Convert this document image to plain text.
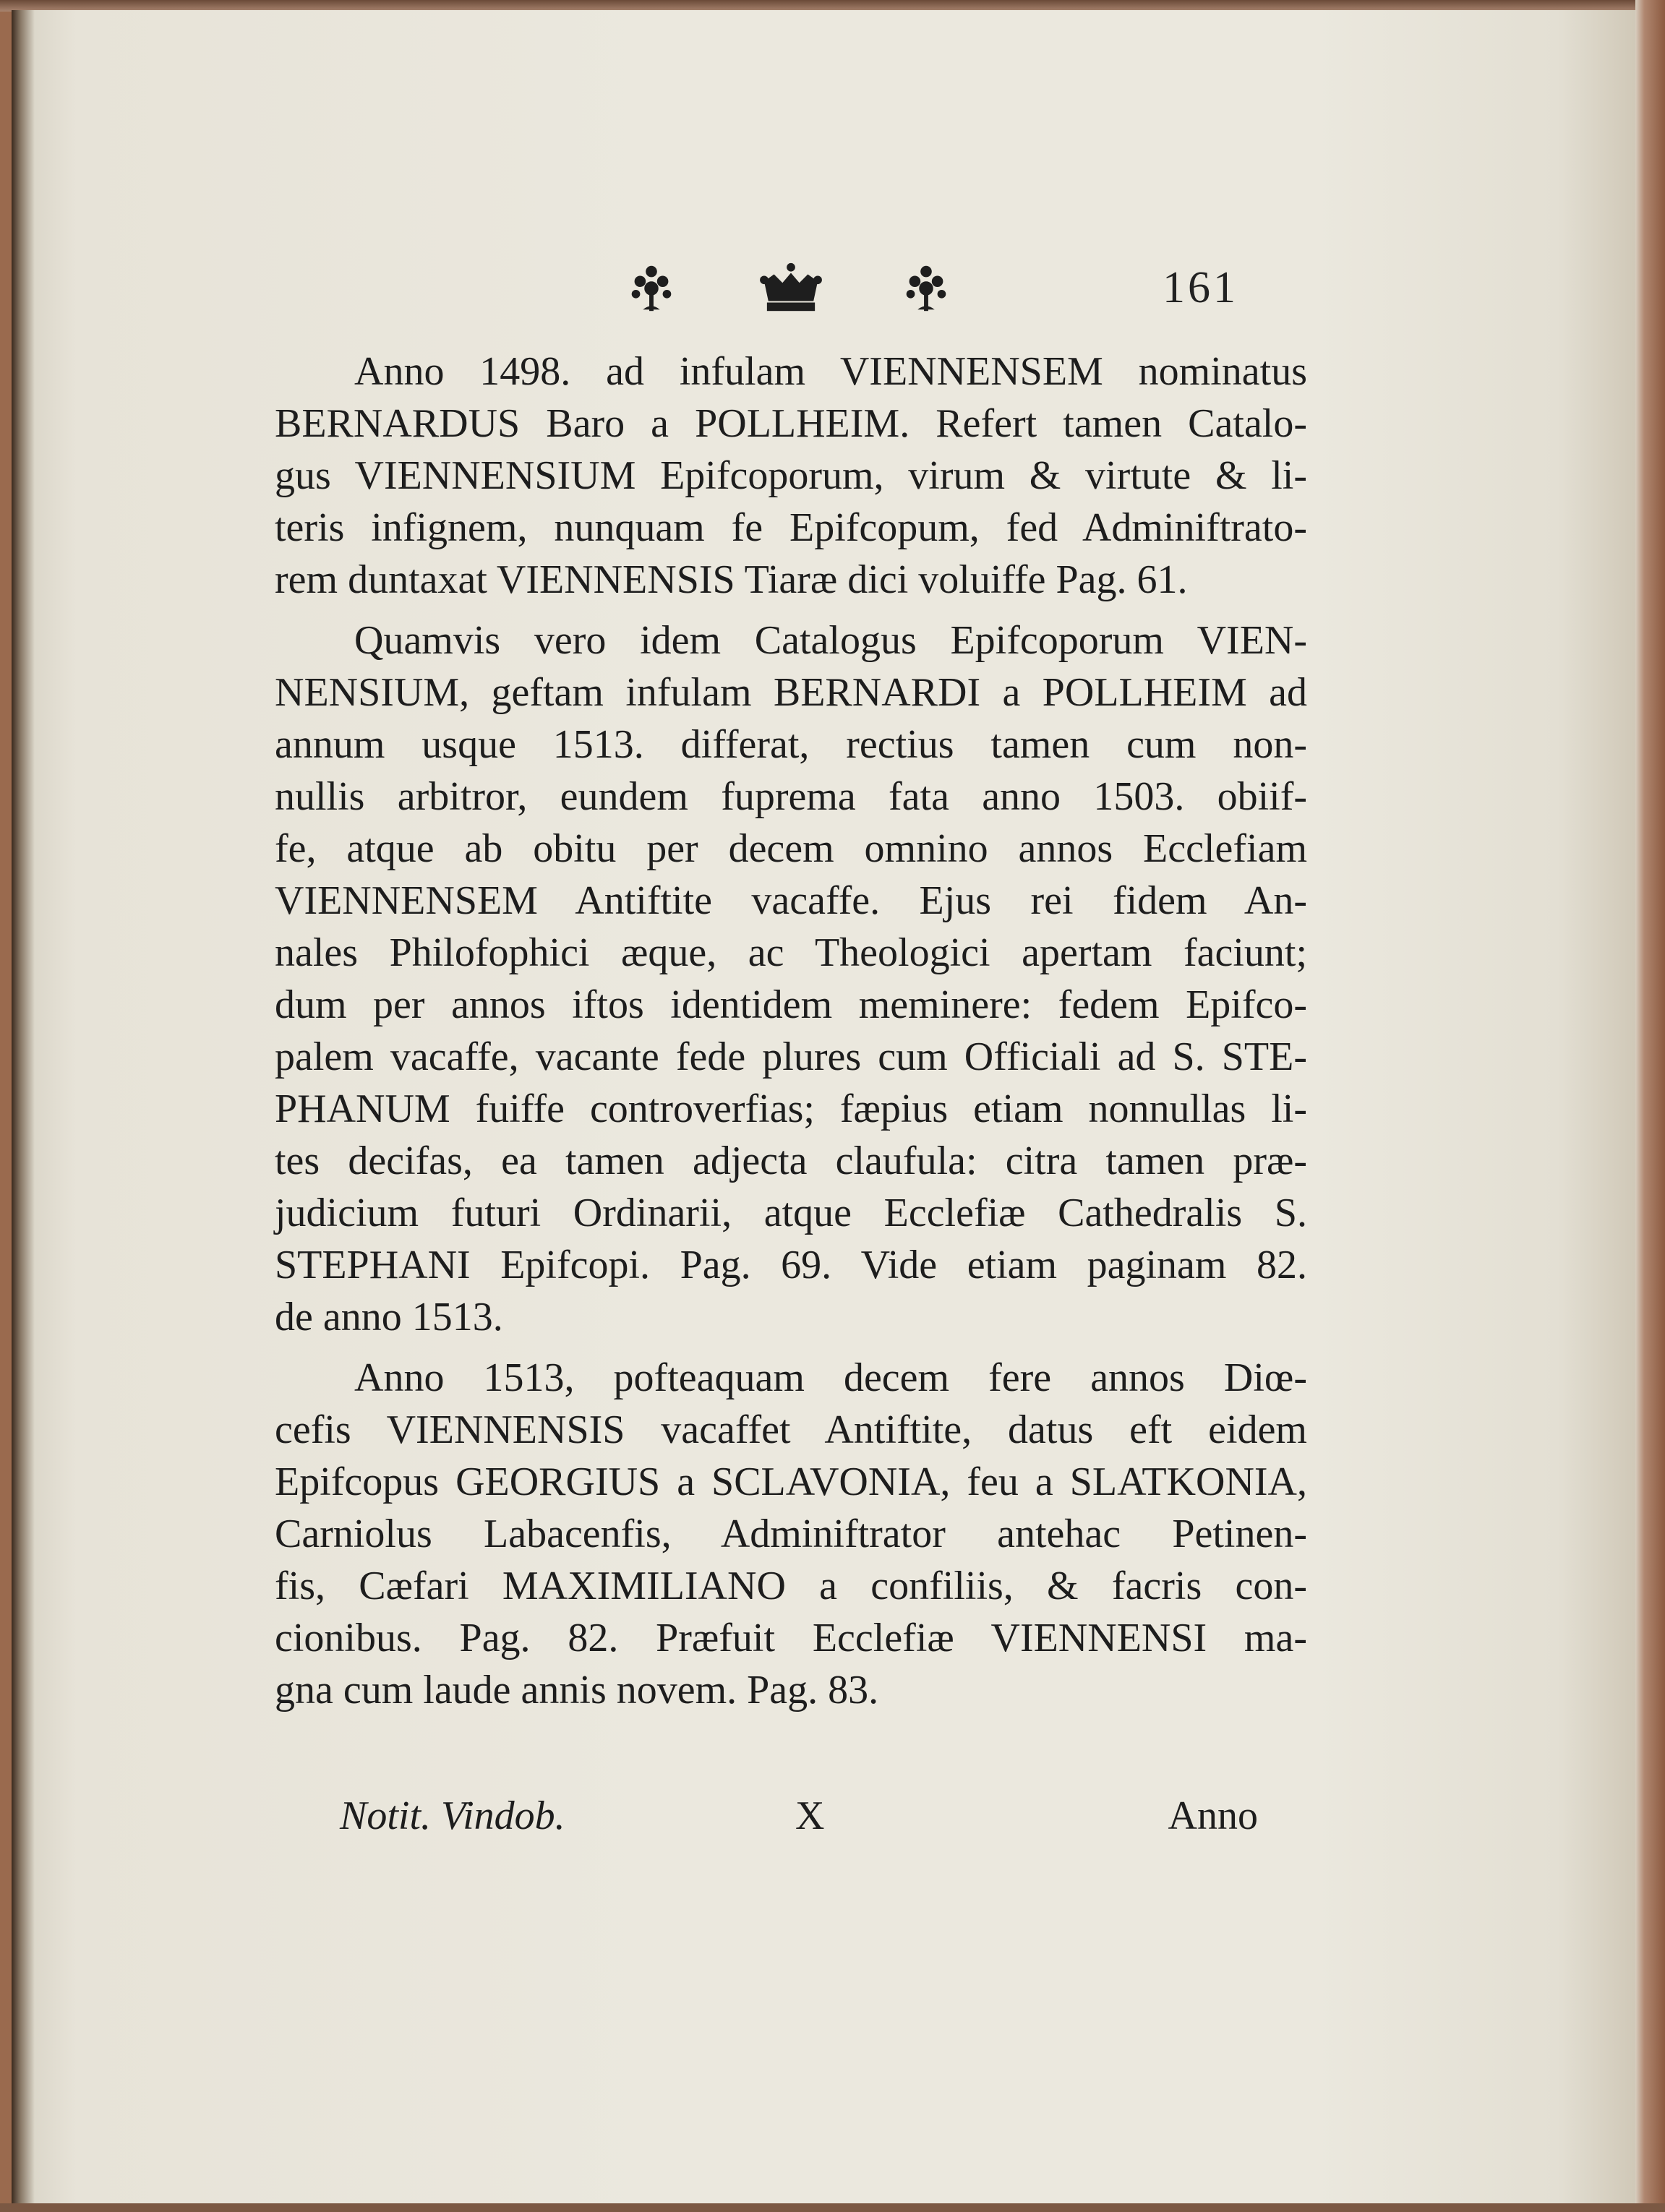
161
Anno 1498. ad infulam VIENNENSEM nominatus
BERNARDUS Baro a POLLHEIM. Refert tamen Catalo-
gus VIENNENSIUM Epifcoporum, virum & virtute & li-
teris infignem, nunquam fe Epifcopum, fed Adminiftrato-
rem duntaxat VIENNENSIS Tiaræ dici voluiffe Pag. 61.
Quamvis vero idem Catalogus Epifcoporum VIEN-
NENSIUM, geftam infulam BERNARDI a POLLHEIM ad
annum usque 1513. differat, rectius tamen cum non-
nullis arbitror, eundem fuprema fata anno 1503. obiif-
fe, atque ab obitu per decem omnino annos Ecclefiam
VIENNENSEM Antiftite vacaffe. Ejus rei fidem An-
nales Philofophici æque, ac Theologici apertam faciunt;
dum per annos iftos identidem meminere: fedem Epifco-
palem vacaffe, vacante fede plures cum Officiali ad S. STE-
PHANUM fuiffe controverfias; fæpius etiam nonnullas li-
tes decifas, ea tamen adjecta claufula: citra tamen præ-
judicium futuri Ordinarii, atque Ecclefiæ Cathedralis S.
STEPHANI Epifcopi. Pag. 69. Vide etiam paginam 82.
de anno 1513.
Anno 1513, pofteaquam decem fere annos Diœ-
cefis VIENNENSIS vacaffet Antiftite, datus eft eidem
Epifcopus GEORGIUS a SCLAVONIA, feu a SLATKONIA,
Carniolus Labacenfis, Adminiftrator antehac Petinen-
fis, Cæfari MAXIMILIANO a confiliis, & facris con-
cionibus. Pag. 82. Præfuit Ecclefiæ VIENNENSI ma-
gna cum laude annis novem. Pag. 83.
Notit. Vindob.	X	Anno
